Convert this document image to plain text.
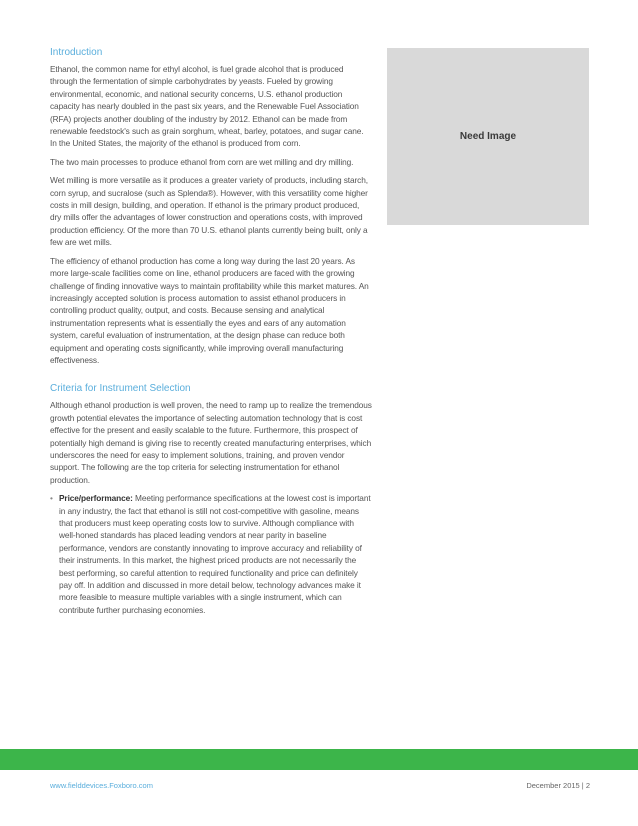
Introduction

Ethanol, the common name for ethyl alcohol, is fuel grade alcohol that is produced through the fermentation of simple carbohydrates by yeasts. Fueled by growing environmental, economic, and national security concerns, U.S. ethanol production capacity has nearly doubled in the past six years, and the Renewable Fuel Association (RFA) projects another doubling of the industry by 2012. Ethanol can be made from renewable feedstock's such as grain sorghum, wheat, barley, potatoes, and sugar cane. In the United States, the majority of the ethanol is produced from corn.

The two main processes to produce ethanol from corn are wet milling and dry milling.

Wet milling is more versatile as it produces a greater variety of products, including starch, corn syrup, and sucralose (such as Splenda®). However, with this versatility come higher costs in mill design, building, and operation. If ethanol is the primary product produced, dry mills offer the advantages of lower construction and operations costs, with improved production efficiency. Of the more than 70 U.S. ethanol plants currently being built, only a few are wet mills.

The efficiency of ethanol production has come a long way during the last 20 years. As more large-scale facilities come on line, ethanol producers are faced with the growing challenge of finding innovative ways to maintain profitability while this market matures. An increasingly accepted solution is process automation to assist ethanol producers in controlling product quality, output, and costs. Because sensing and analytical instrumentation represents what is essentially the eyes and ears of any automation system, careful evaluation of instrumentation, at the design phase can reduce both equipment and operating costs significantly, while improving overall manufacturing effectiveness.

Criteria for Instrument Selection

Although ethanol production is well proven, the need to ramp up to realize the tremendous growth potential elevates the importance of selecting automation technology that is cost effective for the present and easily scalable to the future. Furthermore, this prospect of potentially high demand is giving rise to recently created manufacturing enterprises, which underscores the need for easy to implement solutions, training, and proven vendor support. The following are the top criteria for selecting instrumentation for ethanol production.

• Price/performance: Meeting performance specifications at the lowest cost is important in any industry, the fact that ethanol is still not cost-competitive with gasoline, means that producers must keep operating costs low to survive. Although compliance with well-honed standards has placed leading vendors at near parity in baseline performance, vendors are constantly innovating to improve accuracy and reliability of their instruments. In this market, the highest priced products are not necessarily the best performing, so careful attention to required functionality and price can definitely pay off. In addition and discussed in more detail below, technology advances make it more feasible to measure multiple variables with a single instrument, which can contribute further purchasing economies.
Need Image
www.fielddevices.Foxboro.com	December 2015 | 2
